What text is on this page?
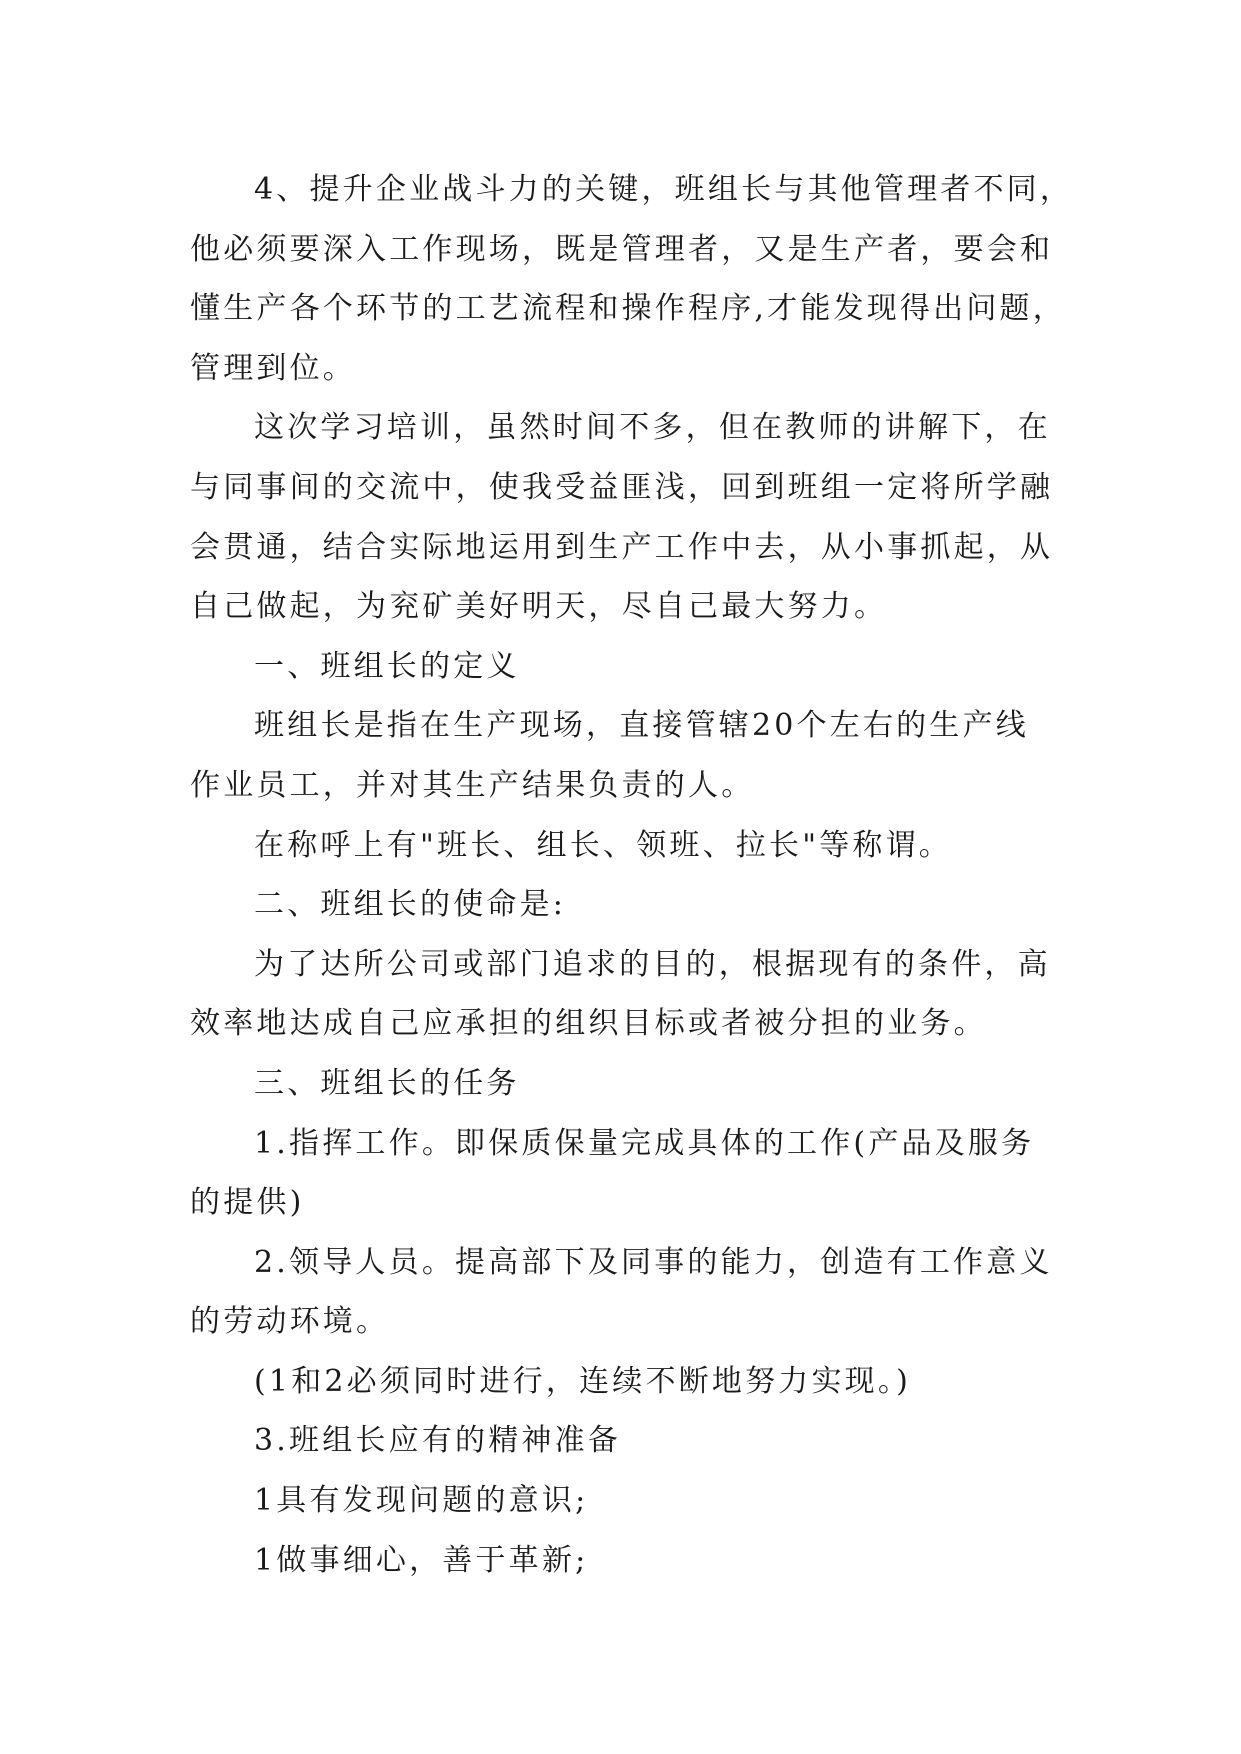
4、提升企业战斗力的关键，班组长与其他管理者不同，
他必须要深入工作现场，既是管理者，又是生产者，要会和
懂生产各个环节的工艺流程和操作程序,才能发现得出问题，
管理到位。

这次学习培训，虽然时间不多，但在教师的讲解下，在
与同事间的交流中，使我受益匪浅，回到班组一定将所学融
会贯通，结合实际地运用到生产工作中去，从小事抓起，从
自己做起，为兖矿美好明天，尽自己最大努力。

一、班组长的定义

班组长是指在生产现场，直接管辖20个左右的生产线
作业员工，并对其生产结果负责的人。

在称呼上有"班长、组长、领班、拉长"等称谓。

二、班组长的使命是:

为了达所公司或部门追求的目的，根据现有的条件，高
效率地达成自己应承担的组织目标或者被分担的业务。

三、班组长的任务

1.指挥工作。即保质保量完成具体的工作(产品及服务
的提供)

2.领导人员。提高部下及同事的能力，创造有工作意义
的劳动环境。

(1和2必须同时进行，连续不断地努力实现。)

3.班组长应有的精神准备

1具有发现问题的意识;

1做事细心，善于革新;
